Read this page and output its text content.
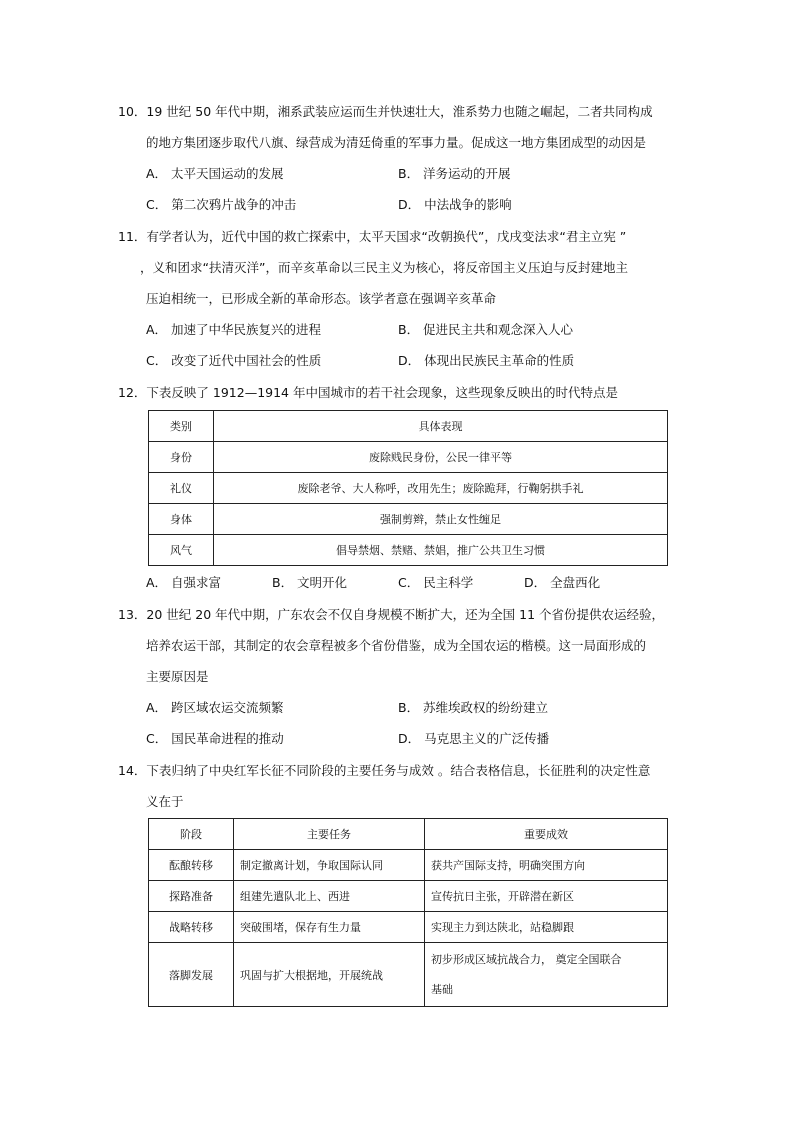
10．19 世纪 50 年代中期，湘系武装应运而生并快速壮大，淮系势力也随之崛起，二者共同构成
的地方集团逐步取代八旗、绿营成为清廷倚重的军事力量。促成这一地方集团成型的动因是
A． 太平天国运动的发展	B． 洋务运动的开展
C． 第二次鸦片战争的冲击	D． 中法战争的影响
11．有学者认为，近代中国的救亡探索中，太平天国求“改朝换代”，戊戌变法求“君主立宪 ”
，义和团求“扶清灭洋”，而辛亥革命以三民主义为核心，将反帝国主义压迫与反封建地主
压迫相统一，已形成全新的革命形态。该学者意在强调辛亥革命
A． 加速了中华民族复兴的进程	B． 促进民主共和观念深入人心
C． 改变了近代中国社会的性质	D． 体现出民族民主革命的性质
12．下表反映了 1912—1914 年中国城市的若干社会现象，这些现象反映出的时代特点是
类别	具体表现
身份	废除贱民身份，公民一律平等
礼仪	废除老爷、大人称呼，改用先生；废除跪拜，行鞠躬拱手礼
身体	强制剪辫，禁止女性缠足
风气	倡导禁烟、禁赌、禁娼，推广公共卫生习惯
A． 自强求富	B． 文明开化	C． 民主科学	D． 全盘西化
13．20 世纪 20 年代中期，广东农会不仅自身规模不断扩大，还为全国 11 个省份提供农运经验，
培养农运干部，其制定的农会章程被多个省份借鉴，成为全国农运的楷模。这一局面形成的
主要原因是
A． 跨区域农运交流频繁	B． 苏维埃政权的纷纷建立
C． 国民革命进程的推动	D． 马克思主义的广泛传播
14．下表归纳了中央红军长征不同阶段的主要任务与成效 。结合表格信息，长征胜利的决定性意
义在于
阶段	主要任务	重要成效
酝酿转移	制定撤离计划，争取国际认同	获共产国际支持，明确突围方向
探路准备	组建先遣队北上、西进	宣传抗日主张，开辟潜在新区
战略转移	突破围堵，保存有生力量	实现主力到达陕北，站稳脚跟
落脚发展	巩固与扩大根据地，开展统战	初步形成区域抗战合力， 奠定全国联合
基础
